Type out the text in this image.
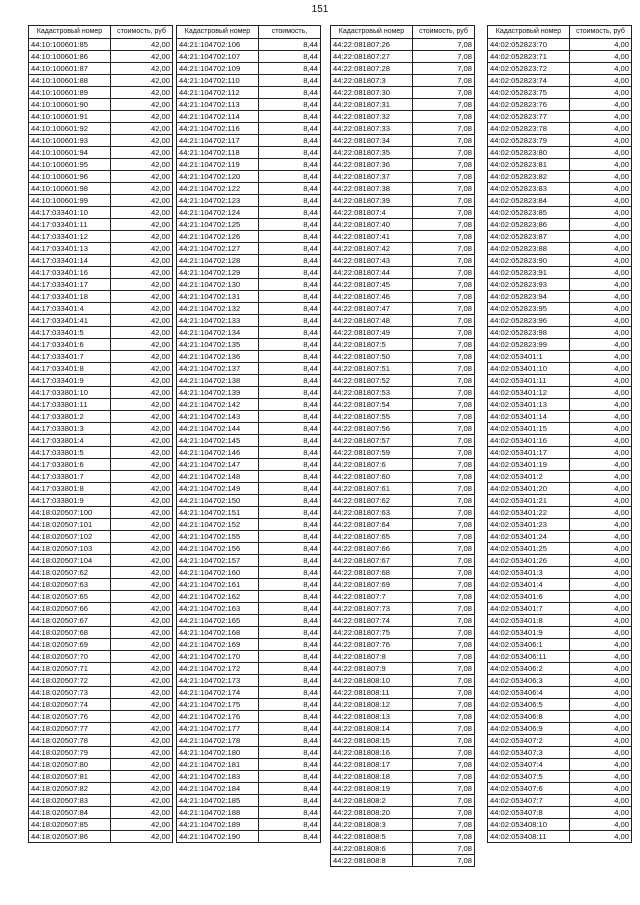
151
Кадастровый номер	стоимость, руб
44:10:100601:85	42,00
44:10:100601:86	42,00
44:10:100601:87	42,00
44:10:100601:88	42,00
44:10:100601:89	42,00
44:10:100601:90	42,00
44:10:100601:91	42,00
44:10:100601:92	42,00
44:10:100601:93	42,00
44:10:100601:94	42,00
44:10:100601:95	42,00
44:10:100601:96	42,00
44:10:100601:98	42,00
44:10:100601:99	42,00
44:17:033401:10	42,00
44:17:033401:11	42,00
44:17:033401:12	42,00
44:17:033401:13	42,00
44:17:033401:14	42,00
44:17:033401:16	42,00
44:17:033401:17	42,00
44:17:033401:18	42,00
44:17:033401:4	42,00
44:17:033401:41	42,00
44:17:033401:5	42,00
44:17:033401:6	42,00
44:17:033401:7	42,00
44:17:033401:8	42,00
44:17:033401:9	42,00
44:17:033801:10	42,00
44:17:033801:11	42,00
44:17:033801:2	42,00
44:17:033801:3	42,00
44:17:033801:4	42,00
44:17:033801:5	42,00
44:17:033801:6	42,00
44:17:033801:7	42,00
44:17:033801:8	42,00
44:17:033801:9	42,00
44:18:020507:100	42,00
44:18:020507:101	42,00
44:18:020507:102	42,00
44:18:020507:103	42,00
44:18:020507:104	42,00
44:18:020507:62	42,00
44:18:020507:63	42,00
44:18:020507:65	42,00
44:18:020507:66	42,00
44:18:020507:67	42,00
44:18:020507:68	42,00
44:18:020507:69	42,00
44:18:020507:70	42,00
44:18:020507:71	42,00
44:18:020507:72	42,00
44:18:020507:73	42,00
44:18:020507:74	42,00
44:18:020507:76	42,00
44:18:020507:77	42,00
44:18:020507:78	42,00
44:18:020507:79	42,00
44:18:020507:80	42,00
44:18:020507:81	42,00
44:18:020507:82	42,00
44:18:020507:83	42,00
44:18:020507:84	42,00
44:18:020507:85	42,00
44:18:020507:86	42,00
Кадастровый номер	стоимость,
44:21:104702:106	8,44
44:21:104702:107	8,44
44:21:104702:109	8,44
44:21:104702:110	8,44
44:21:104702:112	8,44
44:21:104702:113	8,44
44:21:104702:114	8,44
44:21:104702:116	8,44
44:21:104702:117	8,44
44:21:104702:118	8,44
44:21:104702:119	8,44
44:21:104702:120	8,44
44:21:104702:122	8,44
44:21:104702:123	8,44
44:21:104702:124	8,44
44:21:104702:125	8,44
44:21:104702:126	8,44
44:21:104702:127	8,44
44:21:104702:128	8,44
44:21:104702:129	8,44
44:21:104702:130	8,44
44:21:104702:131	8,44
44:21:104702:132	8,44
44:21:104702:133	8,44
44:21:104702:134	8,44
44:21:104702:135	8,44
44:21:104702:136	8,44
44:21:104702:137	8,44
44:21:104702:138	8,44
44:21:104702:139	8,44
44:21:104702:142	8,44
44:21:104702:143	8,44
44:21:104702:144	8,44
44:21:104702:145	8,44
44:21:104702:146	8,44
44:21:104702:147	8,44
44:21:104702:148	8,44
44:21:104702:149	8,44
44:21:104702:150	8,44
44:21:104702:151	8,44
44:21:104702:152	8,44
44:21:104702:155	8,44
44:21:104702:156	8,44
44:21:104702:157	8,44
44:21:104702:160	8,44
44:21:104702:161	8,44
44:21:104702:162	8,44
44:21:104702:163	8,44
44:21:104702:165	8,44
44:21:104702:168	8,44
44:21:104702:169	8,44
44:21:104702:170	8,44
44:21:104702:172	8,44
44:21:104702:173	8,44
44:21:104702:174	8,44
44:21:104702:175	8,44
44:21:104702:176	8,44
44:21:104702:177	8,44
44:21:104702:178	8,44
44:21:104702:180	8,44
44:21:104702:181	8,44
44:21:104702:183	8,44
44:21:104702:184	8,44
44:21:104702:185	8,44
44:21:104702:188	8,44
44:21:104702:189	8,44
44:21:104702:190	8,44
Кадастровый номер	стоимость, руб
44:22:081807:26	7,08
44:22:081807:27	7,08
44:22:081807:28	7,08
44:22:081807:3	7,08
44:22:081807:30	7,08
44:22:081807:31	7,08
44:22:081807:32	7,08
44:22:081807:33	7,08
44:22:081807:34	7,08
44:22:081807:35	7,08
44:22:081807:36	7,08
44:22:081807:37	7,08
44:22:081807:38	7,08
44:22:081807:39	7,08
44:22:081807:4	7,08
44:22:081807:40	7,08
44:22:081807:41	7,08
44:22:081807:42	7,08
44:22:081807:43	7,08
44:22:081807:44	7,08
44:22:081807:45	7,08
44:22:081807:46	7,08
44:22:081807:47	7,08
44:22:081807:48	7,08
44:22:081807:49	7,08
44:22:081807:5	7,08
44:22:081807:50	7,08
44:22:081807:51	7,08
44:22:081807:52	7,08
44:22:081807:53	7,08
44:22:081807:54	7,08
44:22:081807:55	7,08
44:22:081807:56	7,08
44:22:081807:57	7,08
44:22:081807:59	7,08
44:22:081807:6	7,08
44:22:081807:60	7,08
44:22:081807:61	7,08
44:22:081807:62	7,08
44:22:081807:63	7,08
44:22:081807:64	7,08
44:22:081807:65	7,08
44:22:081807:66	7,08
44:22:081807:67	7,08
44:22:081807:68	7,08
44:22:081807:69	7,08
44:22:081807:7	7,08
44:22:081807:73	7,08
44:22:081807:74	7,08
44:22:081807:75	7,08
44:22:081807:76	7,08
44:22:081807:8	7,08
44:22:081807:9	7,08
44:22:081808:10	7,08
44:22:081808:11	7,08
44:22:081808:12	7,08
44:22:081808:13	7,08
44:22:081808:14	7,08
44:22:081808:15	7,08
44:22:081808:16	7,08
44:22:081808:17	7,08
44:22:081808:18	7,08
44:22:081808:19	7,08
44:22:081808:2	7,08
44:22:081808:20	7,08
44:22:081808:3	7,08
44:22:081808:5	7,08
44:22:081808:6	7,08
44:22:081808:8	7,08
Кадастровый номер	стоимость, руб
44:02:052823:70	4,00
44:02:052823:71	4,00
44:02:052823:72	4,00
44:02:052823:74	4,00
44:02:052823:75	4,00
44:02:052823:76	4,00
44:02:052823:77	4,00
44:02:052823:78	4,00
44:02:052823:79	4,00
44:02:052823:80	4,00
44:02:052823:81	4,00
44:02:052823:82	4,00
44:02:052823:83	4,00
44:02:052823:84	4,00
44:02:052823:85	4,00
44:02:052823:86	4,00
44:02:052823:87	4,00
44:02:052823:88	4,00
44:02:052823:90	4,00
44:02:052823:91	4,00
44:02:052823:93	4,00
44:02:052823:94	4,00
44:02:052823:95	4,00
44:02:052823:96	4,00
44:02:052823:98	4,00
44:02:052823:99	4,00
44:02:053401:1	4,00
44:02:053401:10	4,00
44:02:053401:11	4,00
44:02:053401:12	4,00
44:02:053401:13	4,00
44:02:053401:14	4,00
44:02:053401:15	4,00
44:02:053401:16	4,00
44:02:053401:17	4,00
44:02:053401:19	4,00
44:02:053401:2	4,00
44:02:053401:20	4,00
44:02:053401:21	4,00
44:02:053401:22	4,00
44:02:053401:23	4,00
44:02:053401:24	4,00
44:02:053401:25	4,00
44:02:053401:26	4,00
44:02:053401:3	4,00
44:02:053401:4	4,00
44:02:053401:6	4,00
44:02:053401:7	4,00
44:02:053401:8	4,00
44:02:053401:9	4,00
44:02:053406:1	4,00
44:02:053406:11	4,00
44:02:053406:2	4,00
44:02:053406:3	4,00
44:02:053406:4	4,00
44:02:053406:5	4,00
44:02:053406:8	4,00
44:02:053406:9	4,00
44:02:053407:2	4,00
44:02:053407:3	4,00
44:02:053407:4	4,00
44:02:053407:5	4,00
44:02:053407:6	4,00
44:02:053407:7	4,00
44:02:053407:8	4,00
44:02:053408:10	4,00
44:02:053408:11	4,00
